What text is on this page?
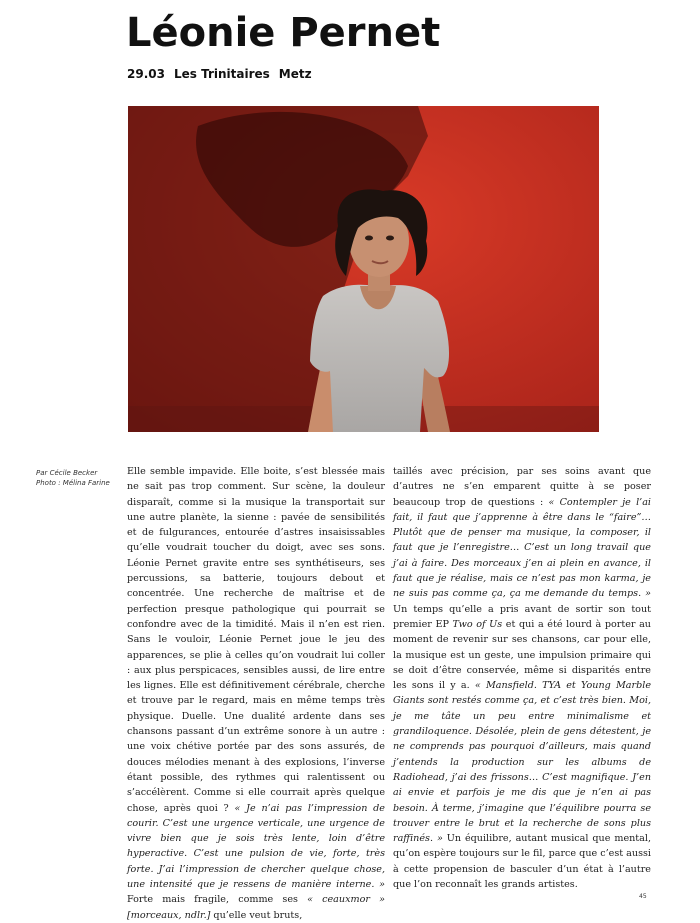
Léonie Pernet
29.03 Les Trinitaires Metz
Par Cécile Becker
Photo : Mélina Farine

Elle semble impavide. Elle boite, s’est blessée mais ne sait pas trop comment. Sur scène, la douleur disparaît, comme si la musique la transportait sur une autre planète, la sienne : pavée de sensibilités et de fulgurances, entourée d’astres insaisissables qu’elle voudrait toucher du doigt, avec ses sons. Léonie Pernet gravite entre ses synthétiseurs, ses percussions, sa batterie, toujours debout et concentrée. Une recherche de maîtrise et de perfection presque pathologique qui pourrait se confondre avec de la timidité. Mais il n’en est rien. Sans le vouloir, Léonie Pernet joue le jeu des apparences, se plie à celles qu’on voudrait lui coller : aux plus perspicaces, sensibles aussi, de lire entre les lignes. Elle est définitivement cérébrale, cherche et trouve par le regard, mais en même temps très physique. Duelle. Une dualité ardente dans ses chansons passant d’un extrême sonore à un autre : une voix chétive portée par des sons assurés, de douces mélodies menant à des explosions, l’inverse étant possible, des rythmes qui ralentissent ou s’accélèrent. Comme si elle courrait après quelque chose, après quoi ? « Je n’ai pas l’impression de courir. C’est une urgence verticale, une urgence de vivre bien que je sois très lente, loin d’être hyperactive. C’est une pulsion de vie, forte, très forte. J’ai l’impression de chercher quelque chose, une intensité que je ressens de manière interne. » Forte mais fragile, comme ses « ceauxmor » [morceaux, ndlr.] qu’elle veut bruts,

taillés avec précision, par ses soins avant que d’autres ne s’en emparent quitte à se poser beaucoup trop de questions : « Contempler je l’ai fait, il faut que j’apprenne à être dans le “faire”… Plutôt que de penser ma musique, la composer, il faut que je l’enregistre… C’est un long travail que j’ai à faire. Des morceaux j’en ai plein en avance, il faut que je réalise, mais ce n’est pas mon karma, je ne suis pas comme ça, ça me demande du temps. » Un temps qu’elle a pris avant de sortir son tout premier EP Two of Us et qui a été lourd à porter au moment de revenir sur ses chansons, car pour elle, la musique est un geste, une impulsion primaire qui se doit d’être conservée, même si disparités entre les sons il y a. « Mansfield. TYA et Young Marble Giants sont restés comme ça, et c’est très bien. Moi, je me tâte un peu entre minimalisme et grandiloquence. Désolée, plein de gens détestent, je ne comprends pas pourquoi d’ailleurs, mais quand j’entends la production sur les albums de Radiohead, j’ai des frissons… C’est magnifique. J’en ai envie et parfois je me dis que je n’en ai pas besoin. À terme, j’imagine que l’équilibre pourra se trouver entre le brut et la recherche de sons plus raffinés. » Un équilibre, autant musical que mental, qu’on espère toujours sur le fil, parce que c’est aussi à cette propension de basculer d’un état à l’autre que l’on reconnaît les grands artistes.

45
